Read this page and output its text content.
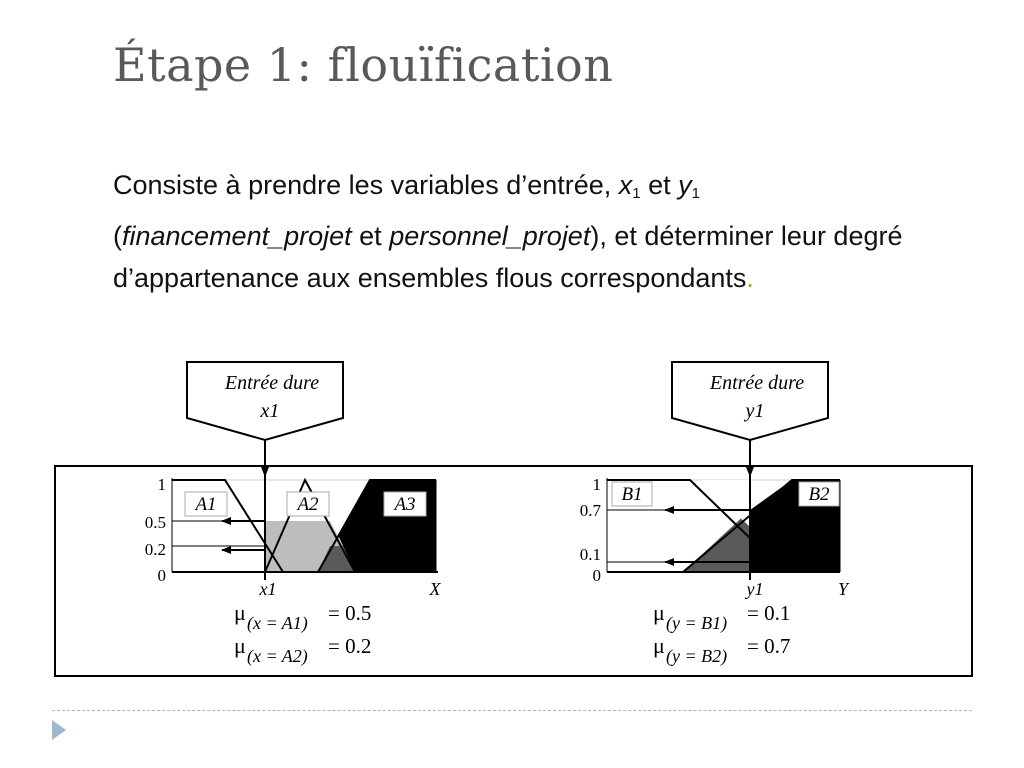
Étape 1: flouïfication

Consiste à prendre les variables d’entrée, $x_1$ et $y_1$
(financement_projet et personnel_projet), et déterminer leur degré d’appartenance aux ensembles flous correspondants.

Entrée dure
x1
A1	A2	A3
1
0.5
0.2
0
x1	X
μ (x = A1) = 0.5
μ (x = A2) = 0.2
Entrée dure
y1
B1	B2
1
0.7
0.1
0
y1	Y
μ (y = B1) = 0.1
μ (y = B2) = 0.7
